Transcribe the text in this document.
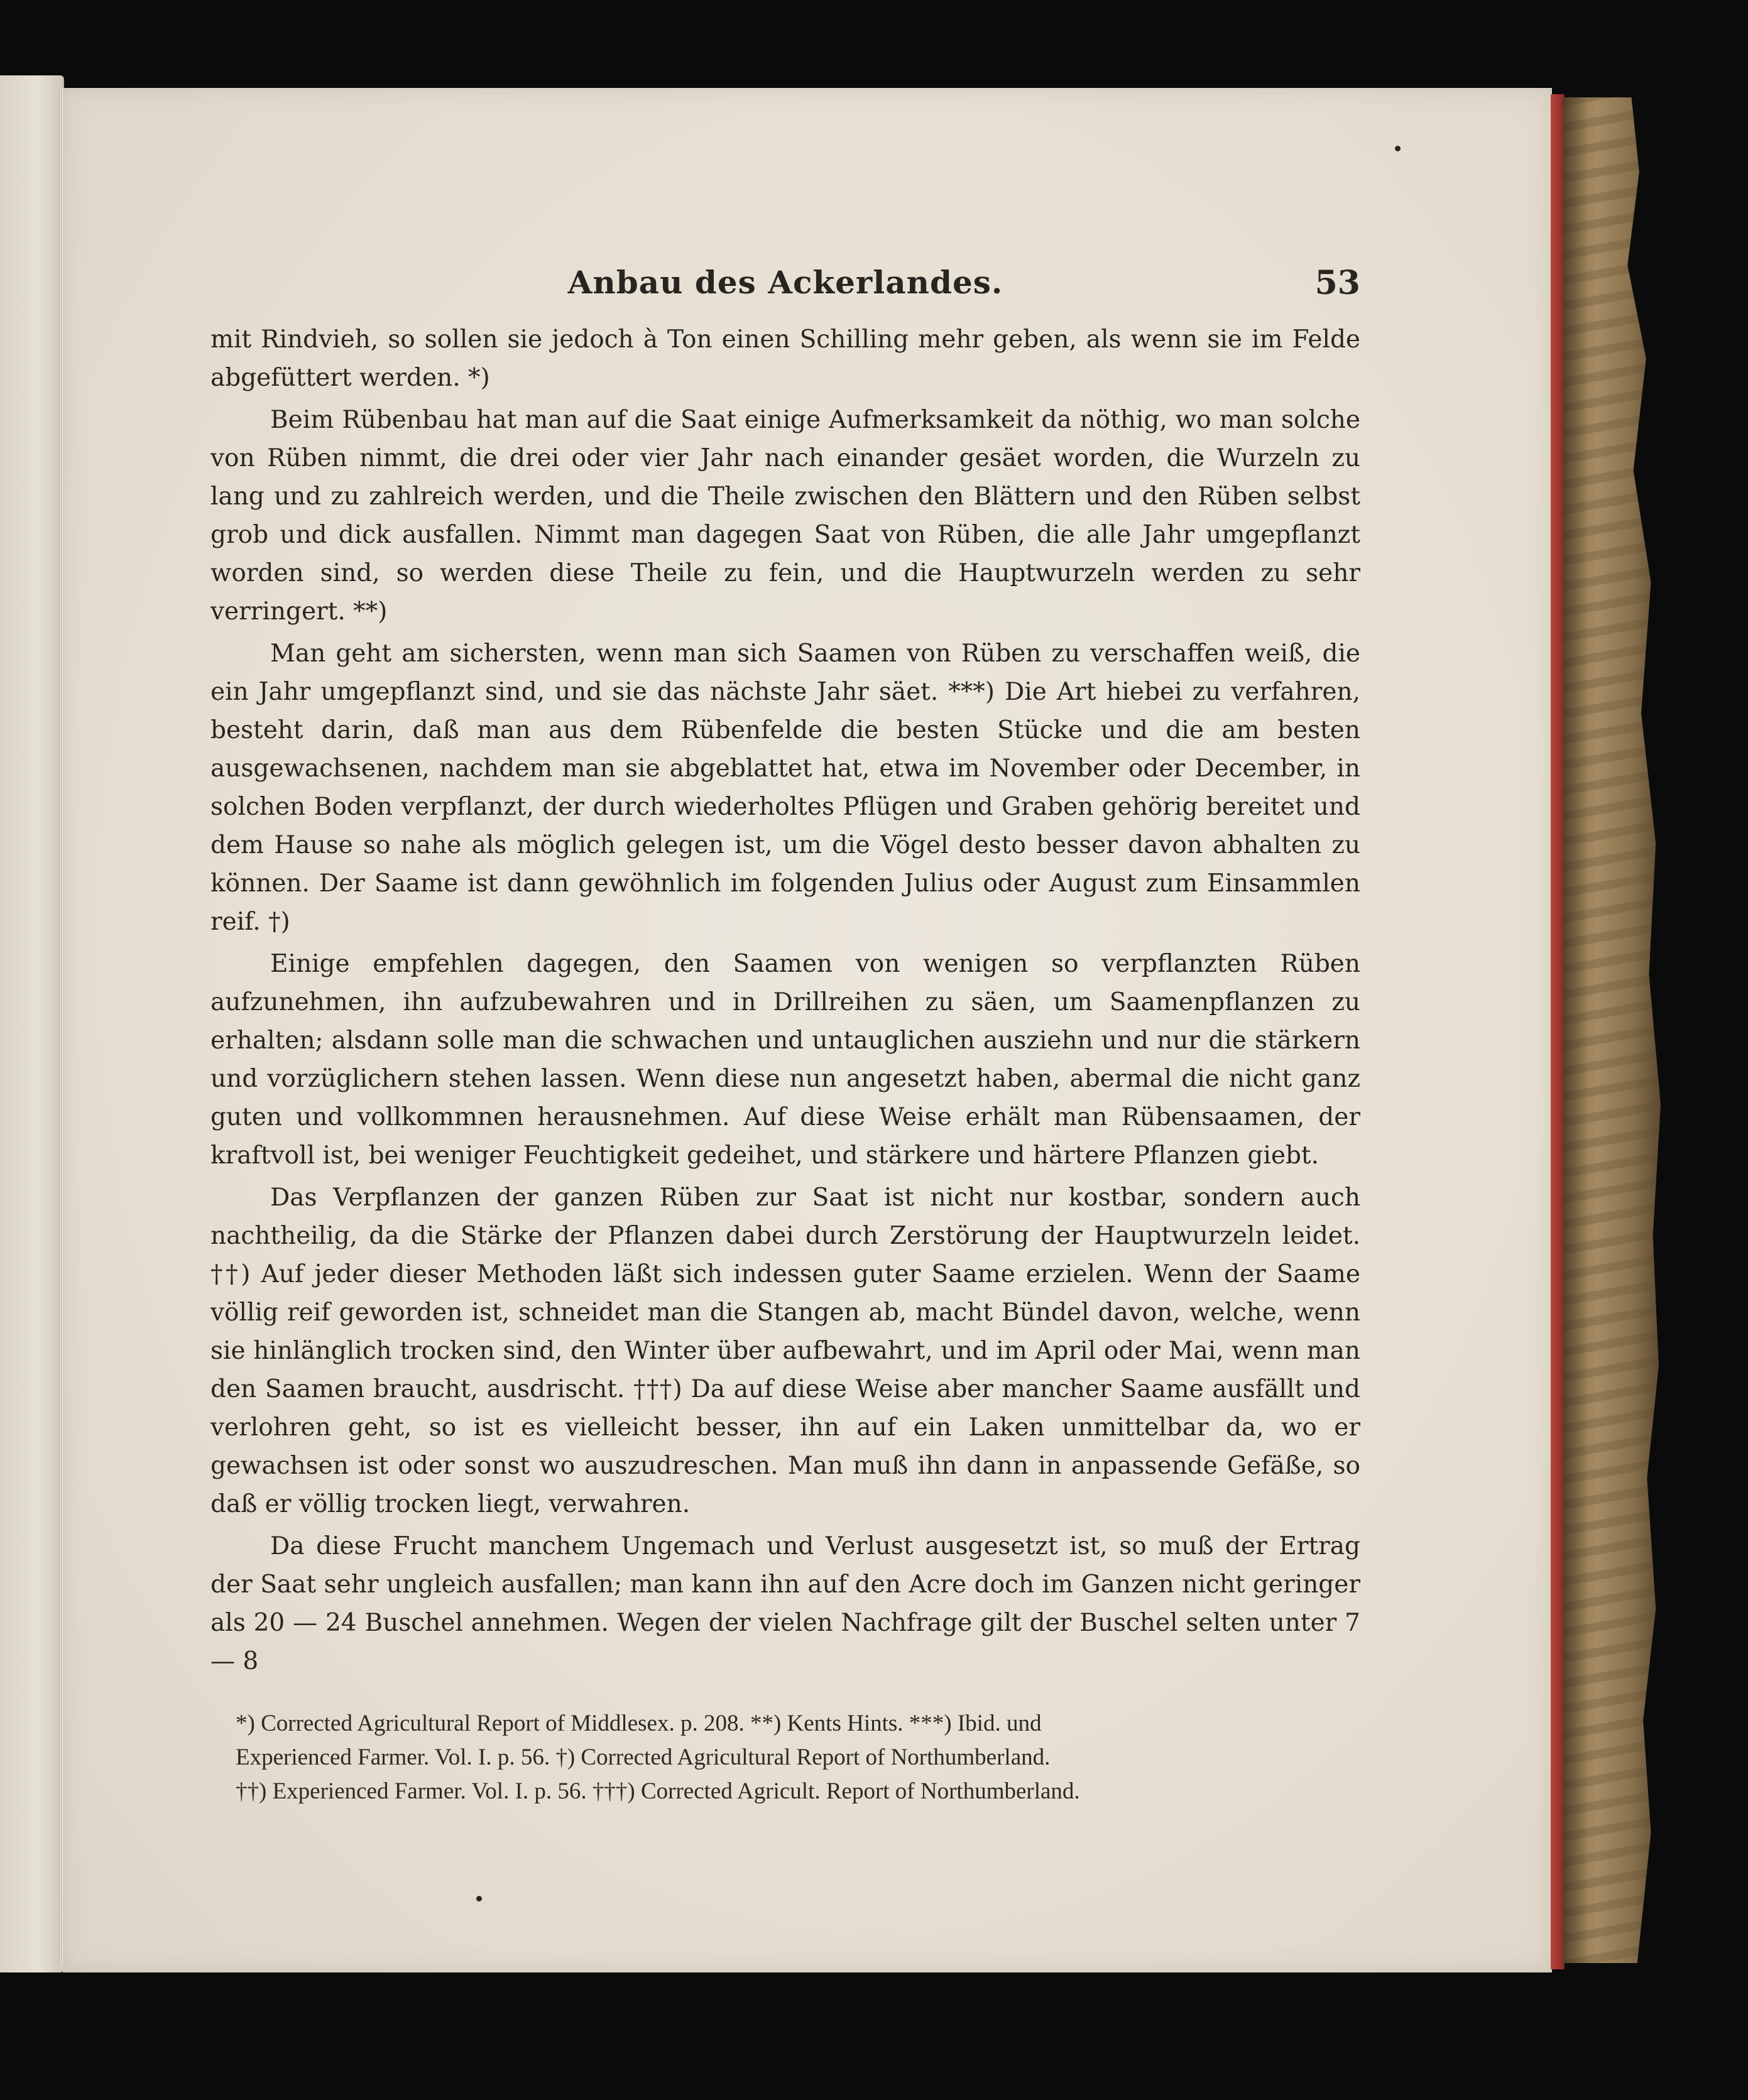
Anbau des Ackerlandes.	53

mit Rindvieh, so sollen sie jedoch à Ton einen Schilling mehr geben, als wenn sie im Felde abgefüttert werden. *)

Beim Rübenbau hat man auf die Saat einige Aufmerksamkeit da nöthig, wo man solche von Rüben nimmt, die drei oder vier Jahr nach einander gesäet worden, die Wurzeln zu lang und zu zahlreich werden, und die Theile zwischen den Blättern und den Rüben selbst grob und dick ausfallen. Nimmt man dagegen Saat von Rüben, die alle Jahr umgepflanzt worden sind, so werden diese Theile zu fein, und die Hauptwurzeln werden zu sehr verringert. **)

Man geht am sichersten, wenn man sich Saamen von Rüben zu verschaffen weiß, die ein Jahr umgepflanzt sind, und sie das nächste Jahr säet. ***) Die Art hiebei zu verfahren, besteht darin, daß man aus dem Rübenfelde die besten Stücke und die am besten ausgewachsenen, nachdem man sie abgeblattet hat, etwa im November oder December, in solchen Boden verpflanzt, der durch wiederholtes Pflügen und Graben gehörig bereitet und dem Hause so nahe als möglich gelegen ist, um die Vögel desto besser davon abhalten zu können. Der Saame ist dann gewöhnlich im folgenden Julius oder August zum Einsammlen reif. †)

Einige empfehlen dagegen, den Saamen von wenigen so verpflanzten Rüben aufzunehmen, ihn aufzubewahren und in Drillreihen zu säen, um Saamenpflanzen zu erhalten; alsdann solle man die schwachen und untauglichen ausziehn und nur die stärkern und vorzüglichern stehen lassen. Wenn diese nun angesetzt haben, abermal die nicht ganz guten und vollkommnen herausnehmen. Auf diese Weise erhält man Rübensaamen, der kraftvoll ist, bei weniger Feuchtigkeit gedeihet, und stärkere und härtere Pflanzen giebt.

Das Verpflanzen der ganzen Rüben zur Saat ist nicht nur kostbar, sondern auch nachtheilig, da die Stärke der Pflanzen dabei durch Zerstörung der Hauptwurzeln leidet. ††) Auf jeder dieser Methoden läßt sich indessen guter Saame erzielen. Wenn der Saame völlig reif geworden ist, schneidet man die Stangen ab, macht Bündel davon, welche, wenn sie hinlänglich trocken sind, den Winter über aufbewahrt, und im April oder Mai, wenn man den Saamen braucht, ausdrischt. †††) Da auf diese Weise aber mancher Saame ausfällt und verlohren geht, so ist es vielleicht besser, ihn auf ein Laken unmittelbar da, wo er gewachsen ist oder sonst wo auszudreschen. Man muß ihn dann in anpassende Gefäße, so daß er völlig trocken liegt, verwahren.

Da diese Frucht manchem Ungemach und Verlust ausgesetzt ist, so muß der Ertrag der Saat sehr ungleich ausfallen; man kann ihn auf den Acre doch im Ganzen nicht geringer als 20 — 24 Buschel annehmen. Wegen der vielen Nachfrage gilt der Buschel selten unter 7 — 8

*) Corrected Agricultural Report of Middlesex. p. 208. **) Kents Hints. ***) Ibid. und
Experienced Farmer. Vol. I. p. 56. †) Corrected Agricultural Report of Northumberland.
††) Experienced Farmer. Vol. I. p. 56. †††) Corrected Agricult. Report of Northumberland.
